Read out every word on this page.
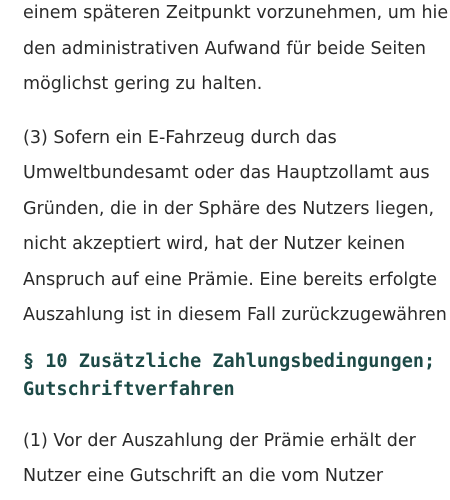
einem späteren Zeitpunkt vorzunehmen, um hie
den administrativen Aufwand für beide Seiten
möglichst gering zu halten.

(3) Sofern ein E-Fahrzeug durch das
Umweltbundesamt oder das Hauptzollamt aus
Gründen, die in der Sphäre des Nutzers liegen,
nicht akzeptiert wird, hat der Nutzer keinen
Anspruch auf eine Prämie. Eine bereits erfolgte
Auszahlung ist in diesem Fall zurückzugewähren

§ 10 Zusätzliche Zahlungsbedingungen;
Gutschriftverfahren

(1) Vor der Auszahlung der Prämie erhält der
Nutzer eine Gutschrift an die vom Nutzer
